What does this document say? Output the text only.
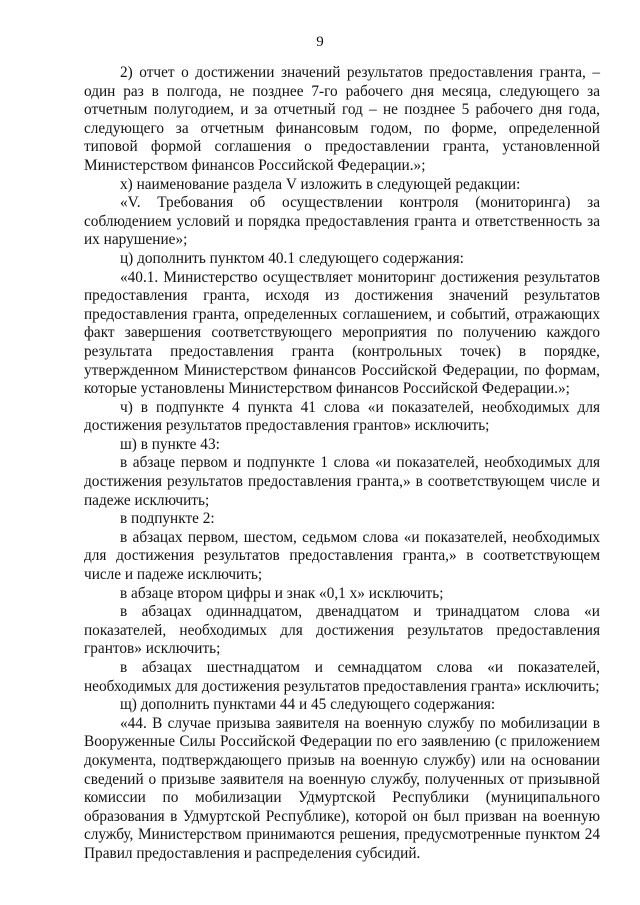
9

2) отчет о достижении значений результатов предоставления гранта, – один раз в полгода, не позднее 7-го рабочего дня месяца, следующего за отчетным полугодием, и за отчетный год – не позднее 5 рабочего дня года, следующего за отчетным финансовым годом, по форме, определенной типовой формой соглашения о предоставлении гранта, установленной Министерством финансов Российской Федерации.»;

х) наименование раздела V изложить в следующей редакции:

«V. Требования об осуществлении контроля (мониторинга) за соблюдением условий и порядка предоставления гранта и ответственность за их нарушение»;

ц) дополнить пунктом 40.1 следующего содержания:

«40.1. Министерство осуществляет мониторинг достижения результатов предоставления гранта, исходя из достижения значений результатов предоставления гранта, определенных соглашением, и событий, отражающих факт завершения соответствующего мероприятия по получению каждого результата предоставления гранта (контрольных точек) в порядке, утвержденном Министерством финансов Российской Федерации, по формам, которые установлены Министерством финансов Российской Федерации.»;

ч) в подпункте 4 пункта 41 слова «и показателей, необходимых для достижения результатов предоставления грантов» исключить;

ш) в пункте 43:

в абзаце первом и подпункте 1 слова «и показателей, необходимых для достижения результатов предоставления гранта,» в соответствующем числе и падеже исключить;

в подпункте 2:

в абзацах первом, шестом, седьмом слова «и показателей, необходимых для достижения результатов предоставления гранта,» в соответствующем числе и падеже исключить;

в абзаце втором цифры и знак «0,1 х» исключить;

в абзацах одиннадцатом, двенадцатом и тринадцатом слова «и показателей, необходимых для достижения результатов предоставления грантов» исключить;

в абзацах шестнадцатом и семнадцатом слова «и показателей, необходимых для достижения результатов предоставления гранта» исключить;

щ) дополнить пунктами 44 и 45 следующего содержания:

«44. В случае призыва заявителя на военную службу по мобилизации в Вооруженные Силы Российской Федерации по его заявлению (с приложением документа, подтверждающего призыв на военную службу) или на основании сведений о призыве заявителя на военную службу, полученных от призывной комиссии по мобилизации Удмуртской Республики (муниципального образования в Удмуртской Республике), которой он был призван на военную службу, Министерством принимаются решения, предусмотренные пунктом 24 Правил предоставления и распределения субсидий.
